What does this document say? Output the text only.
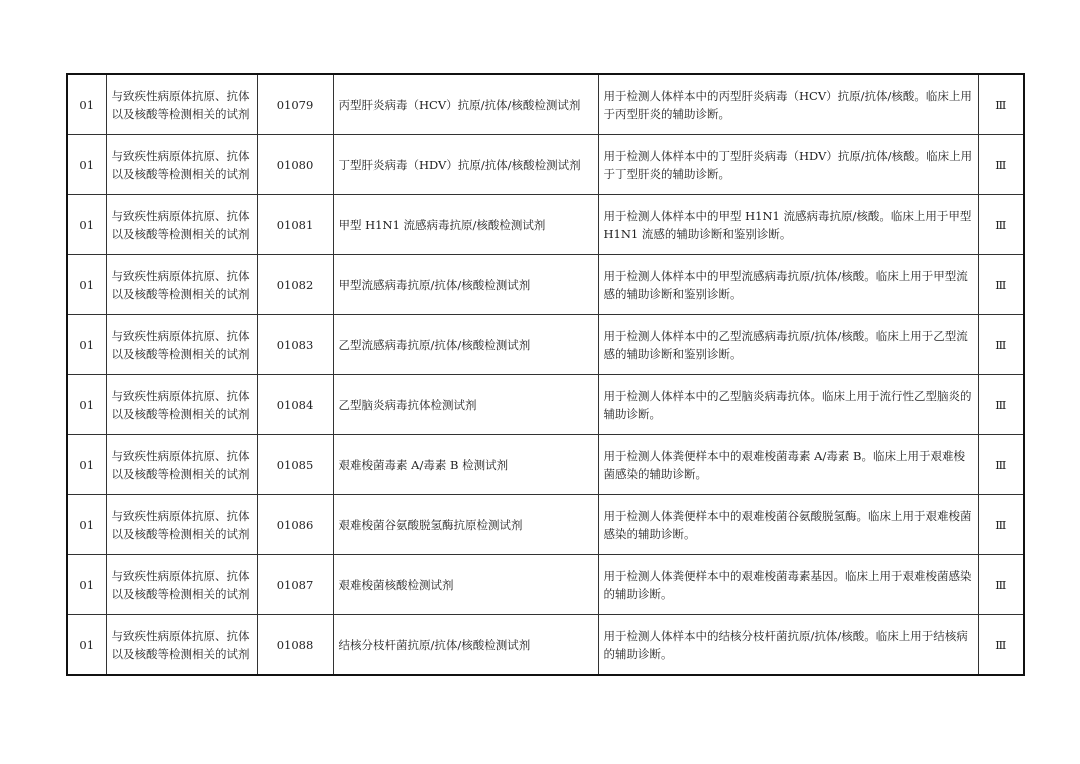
01	与致疾性病原体抗原、抗体以及核酸等检测相关的试剂	01079	丙型肝炎病毒（HCV）抗原/抗体/核酸检测试剂	用于检测人体样本中的丙型肝炎病毒（HCV）抗原/抗体/核酸。临床上用于丙型肝炎的辅助诊断。	Ⅲ
01	与致疾性病原体抗原、抗体以及核酸等检测相关的试剂	01080	丁型肝炎病毒（HDV）抗原/抗体/核酸检测试剂	用于检测人体样本中的丁型肝炎病毒（HDV）抗原/抗体/核酸。临床上用于丁型肝炎的辅助诊断。	Ⅲ
01	与致疾性病原体抗原、抗体以及核酸等检测相关的试剂	01081	甲型 H1N1 流感病毒抗原/核酸检测试剂	用于检测人体样本中的甲型 H1N1 流感病毒抗原/核酸。临床上用于甲型 H1N1 流感的辅助诊断和鉴别诊断。	Ⅲ
01	与致疾性病原体抗原、抗体以及核酸等检测相关的试剂	01082	甲型流感病毒抗原/抗体/核酸检测试剂	用于检测人体样本中的甲型流感病毒抗原/抗体/核酸。临床上用于甲型流感的辅助诊断和鉴别诊断。	Ⅲ
01	与致疾性病原体抗原、抗体以及核酸等检测相关的试剂	01083	乙型流感病毒抗原/抗体/核酸检测试剂	用于检测人体样本中的乙型流感病毒抗原/抗体/核酸。临床上用于乙型流感的辅助诊断和鉴别诊断。	Ⅲ
01	与致疾性病原体抗原、抗体以及核酸等检测相关的试剂	01084	乙型脑炎病毒抗体检测试剂	用于检测人体样本中的乙型脑炎病毒抗体。临床上用于流行性乙型脑炎的辅助诊断。	Ⅲ
01	与致疾性病原体抗原、抗体以及核酸等检测相关的试剂	01085	艰难梭菌毒素 A/毒素 B 检测试剂	用于检测人体粪便样本中的艰难梭菌毒素 A/毒素 B。临床上用于艰难梭菌感染的辅助诊断。	Ⅲ
01	与致疾性病原体抗原、抗体以及核酸等检测相关的试剂	01086	艰难梭菌谷氨酸脱氢酶抗原检测试剂	用于检测人体粪便样本中的艰难梭菌谷氨酸脱氢酶。临床上用于艰难梭菌感染的辅助诊断。	Ⅲ
01	与致疾性病原体抗原、抗体以及核酸等检测相关的试剂	01087	艰难梭菌核酸检测试剂	用于检测人体粪便样本中的艰难梭菌毒素基因。临床上用于艰难梭菌感染的辅助诊断。	Ⅲ
01	与致疾性病原体抗原、抗体以及核酸等检测相关的试剂	01088	结核分枝杆菌抗原/抗体/核酸检测试剂	用于检测人体样本中的结核分枝杆菌抗原/抗体/核酸。临床上用于结核病的辅助诊断。	Ⅲ
